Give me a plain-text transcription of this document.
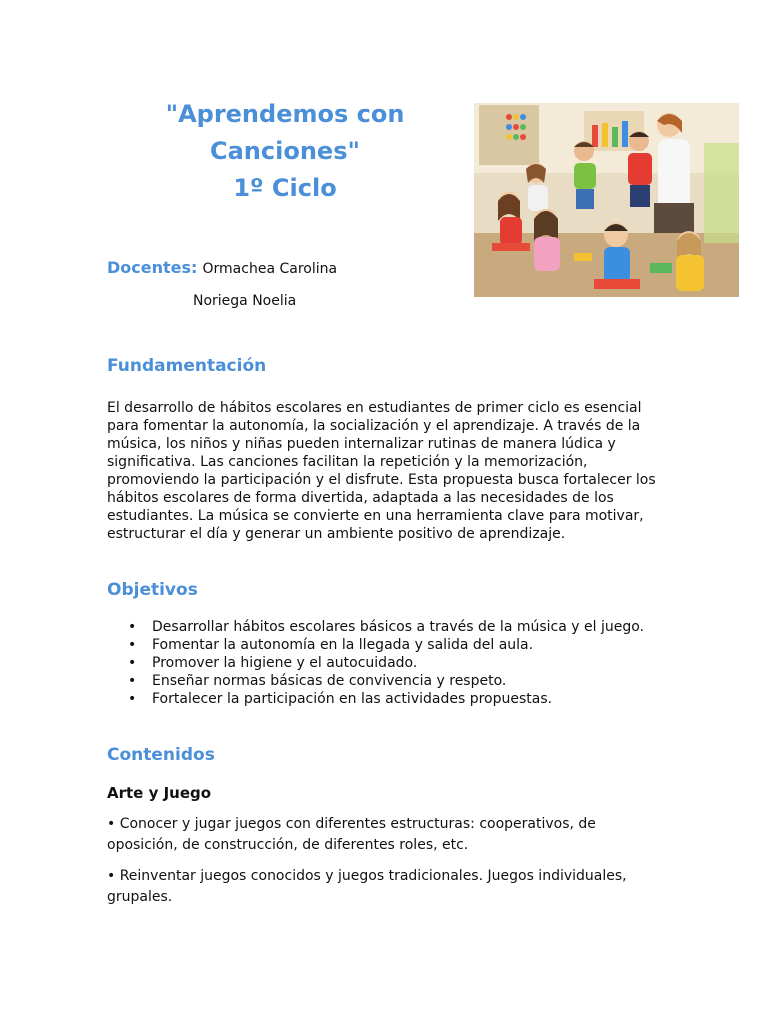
"Aprendemos con
Canciones"
1º Ciclo
Docentes: Ormachea Carolina
Noriega Noelia
Fundamentación

El desarrollo de hábitos escolares en estudiantes de primer ciclo es esencial para fomentar la autonomía, la socialización y el aprendizaje. A través de la música, los niños y niñas pueden internalizar rutinas de manera lúdica y significativa. Las canciones facilitan la repetición y la memorización, promoviendo la participación y el disfrute. Esta propuesta busca fortalecer los hábitos escolares de forma divertida, adaptada a las necesidades de los estudiantes. La música se convierte en una herramienta clave para motivar, estructurar el día y generar un ambiente positivo de aprendizaje.

Objetivos
• Desarrollar hábitos escolares básicos a través de la música y el juego.
• Fomentar la autonomía en la llegada y salida del aula.
• Promover la higiene y el autocuidado.
• Enseñar normas básicas de convivencia y respeto.
• Fortalecer la participación en las actividades propuestas.
Contenidos
Arte y Juego

• Conocer y jugar juegos con diferentes estructuras: cooperativos, de oposición, de construcción, de diferentes roles, etc.

• Reinventar juegos conocidos y juegos tradicionales. Juegos individuales, grupales.
